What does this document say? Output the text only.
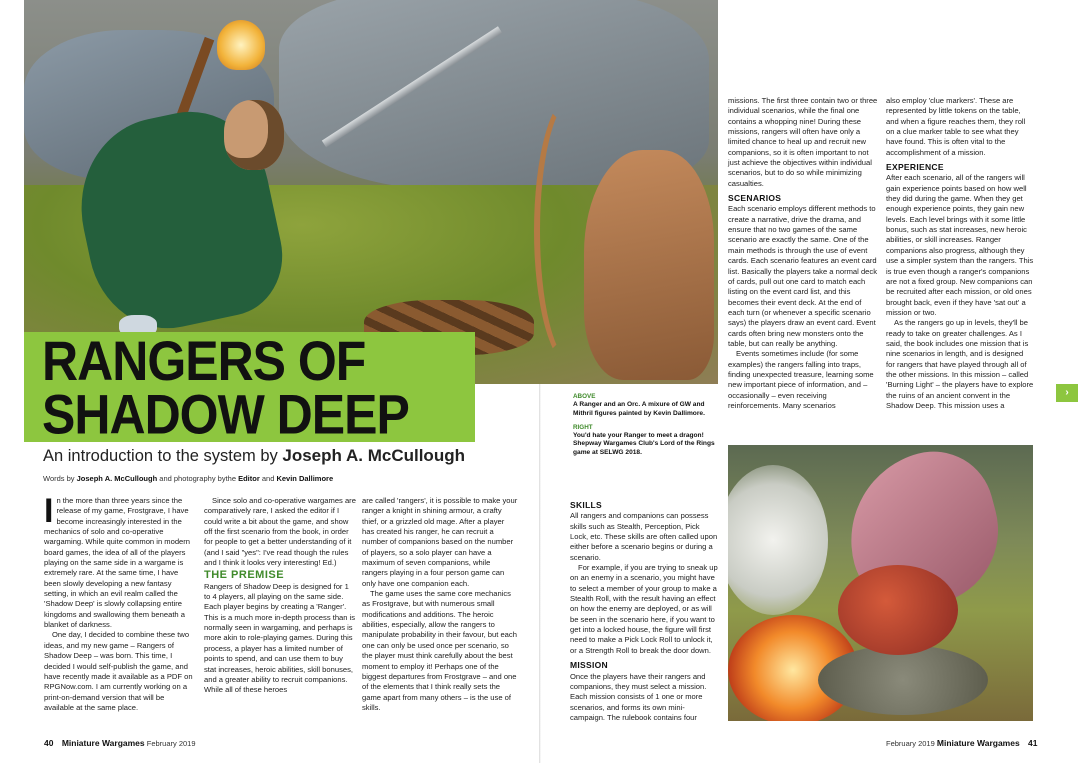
RANGERS OF SHADOW DEEP

An introduction to the system by Joseph A. McCullough

Words by Joseph A. McCullough and photography bythe Editor and Kevin Dallimore
I n the more than three years since the release of my game, Frostgrave, I have become increasingly interested in the mechanics of solo and co-operative wargaming. While quite common in modern board games, the idea of all of the players playing on the same side in a wargame is extremely rare. At the same time, I have been slowly developing a new fantasy setting, in which an evil realm called the 'Shadow Deep' is slowly collapsing entire kingdoms and swallowing them beneath a blanket of darkness.

One day, I decided to combine these two ideas, and my new game – Rangers of Shadow Deep – was born. This time, I decided I would self-publish the game, and have recently made it available as a PDF on RPGNow.com. I am currently working on a print-on-demand version that will be available at the same place.

Since solo and co-operative wargames are comparatively rare, I asked the editor if I could write a bit about the game, and show off the first scenario from the book, in order for people to get a better understanding of it (and I said "yes": I've read though the rules and I think it looks very interesting! Ed.)

THE PREMISE

Rangers of Shadow Deep is designed for 1 to 4 players, all playing on the same side. Each player begins by creating a 'Ranger'. This is a much more in-depth process than is normally seen in wargaming, and perhaps is more akin to role-playing games. During this process, a player has a limited number of points to spend, and can use them to buy stat increases, heroic abilities, skill bonuses, and a greater ability to recruit companions. While all of these heroes

are called 'rangers', it is possible to make your ranger a knight in shining armour, a crafty thief, or a grizzled old mage. After a player has created his ranger, he can recruit a number of companions based on the number of players, so a solo player can have a maximum of seven companions, while rangers playing in a four person game can only have one companion each.

The game uses the same core mechanics as Frostgrave, but with numerous small modifications and additions. The heroic abilities, especially, allow the rangers to manipulate probability in their favour, but each one can only be used once per scenario, so the player must think carefully about the best moment to employ it! Perhaps one of the biggest departures from Frostgrave – and one of the elements that I think really sets the game apart from many others – is the use of skills.

missions. The first three contain two or three individual scenarios, while the final one contains a whopping nine! During these missions, rangers will often have only a limited chance to heal up and recruit new companions, so it is often important to not just achieve the objectives within individual scenarios, but to do so while minimizing casualties.

SCENARIOS

Each scenario employs different methods to create a narrative, drive the drama, and ensure that no two games of the same scenario are exactly the same. One of the main methods is through the use of event cards. Each scenario features an event card list. Basically the players take a normal deck of cards, pull out one card to match each listing on the event card list, and this becomes their event deck. At the end of each turn (or whenever a specific scenario says) the players draw an event card. Event cards often bring new monsters onto the table, but can really be anything.

Events sometimes include (for some examples) the rangers falling into traps, finding unexpected treasure, learning some new important piece of information, and – occasionally – even receiving reinforcements. Many scenarios

also employ 'clue markers'. These are represented by little tokens on the table, and when a figure reaches them, they roll on a clue marker table to see what they have found. This is often vital to the accomplishment of a mission.

EXPERIENCE

After each scenario, all of the rangers will gain experience points based on how well they did during the game. When they get enough experience points, they gain new levels. Each level brings with it some little bonus, such as stat increases, new heroic abilities, or skill increases. Ranger companions also progress, although they use a simpler system than the rangers. This is true even though a ranger's companions are not a fixed group. New companions can be recruited after each mission, or old ones brought back, even if they have 'sat out' a mission or two.

As the rangers go up in levels, they'll be ready to take on greater challenges. As I said, the book includes one mission that is nine scenarios in length, and is designed for rangers that have played through all of the other missions. In this mission – called 'Burning Light' – the players have to explore the ruins of an ancient convent in the Shadow Deep. This mission uses a

SKILLS

All rangers and companions can possess skills such as Stealth, Perception, Pick Lock, etc. These skills are often called upon either before a scenario begins or during a scenario.

For example, if you are trying to sneak up on an enemy in a scenario, you might have to select a member of your group to make a Stealth Roll, with the result having an effect on how the enemy are deployed, or as will be seen in the scenario here, if you want to get into a locked house, the figure will first need to make a Pick Lock Roll to unlock it, or a Strength Roll to break the door down.

MISSION

Once the players have their rangers and companions, they must select a mission. Each mission consists of 1 one or more scenarios, and forms its own mini-campaign. The rulebook contains four

ABOVE

A Ranger and an Orc. A mixure of GW and Mithril figures painted by Kevin Dallimore.

RIGHT

You'd hate your Ranger to meet a dragon! Shepway Wargames Club's Lord of the Rings game at SELWG 2018.

›
40 Miniature Wargames February 2019	February 2019 Miniature Wargames 41
